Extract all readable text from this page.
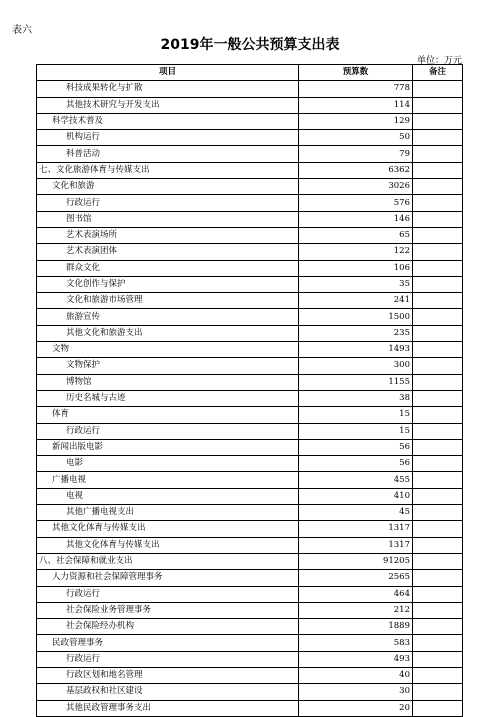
表六
2019年一般公共预算支出表
单位：万元
项目	预算数	备注
科技成果转化与扩散	778	
其他技术研究与开发支出	114	
科学技术普及	129	
机构运行	50	
科普活动	79	
七、文化旅游体育与传媒支出	6362	
文化和旅游	3026	
行政运行	576	
图书馆	146	
艺术表演场所	65	
艺术表演团体	122	
群众文化	106	
文化创作与保护	35	
文化和旅游市场管理	241	
旅游宣传	1500	
其他文化和旅游支出	235	
文物	1493	
文物保护	300	
博物馆	1155	
历史名城与古迹	38	
体育	15	
行政运行	15	
新闻出版电影	56	
电影	56	
广播电视	455	
电视	410	
其他广播电视支出	45	
其他文化体育与传媒支出	1317	
其他文化体育与传媒支出	1317	
八、社会保障和就业支出	91205	
人力资源和社会保障管理事务	2565	
行政运行	464	
社会保险业务管理事务	212	
社会保险经办机构	1889	
民政管理事务	583	
行政运行	493	
行政区划和地名管理	40	
基层政权和社区建设	30	
其他民政管理事务支出	20	
